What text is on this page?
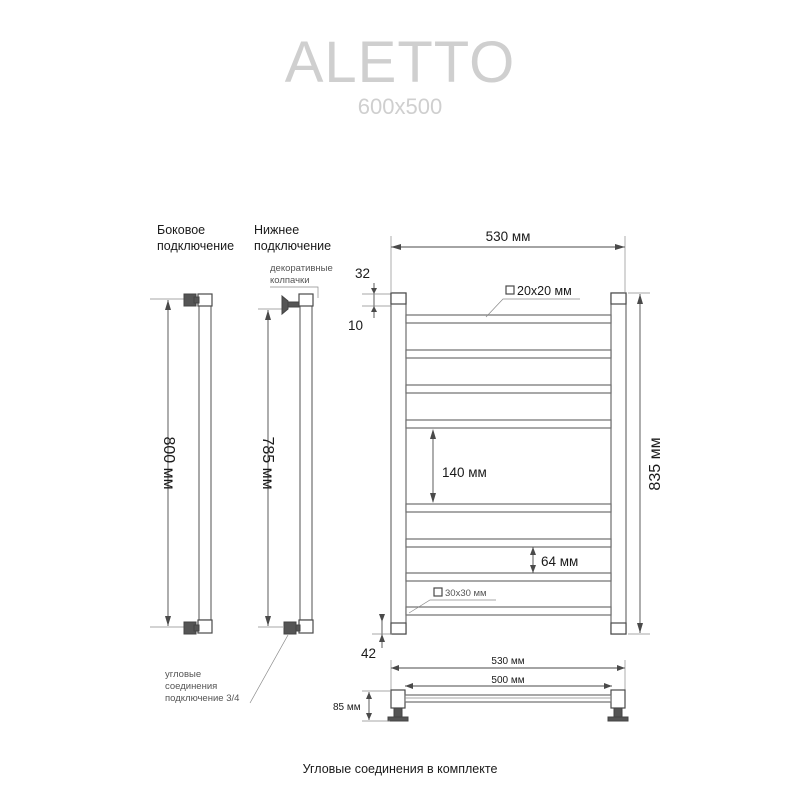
ALETTO
600x500
Боковое
подключение
Нижнее
подключение
800 мм
декоративные
колпачки
785 мм
угловые
соединения
подключение 3/4
530 мм
835 мм
32
10
20x20 мм
140 мм
64 мм
30x30 мм
42
530 мм
500 мм
85 мм
Угловые соединения в комплекте
